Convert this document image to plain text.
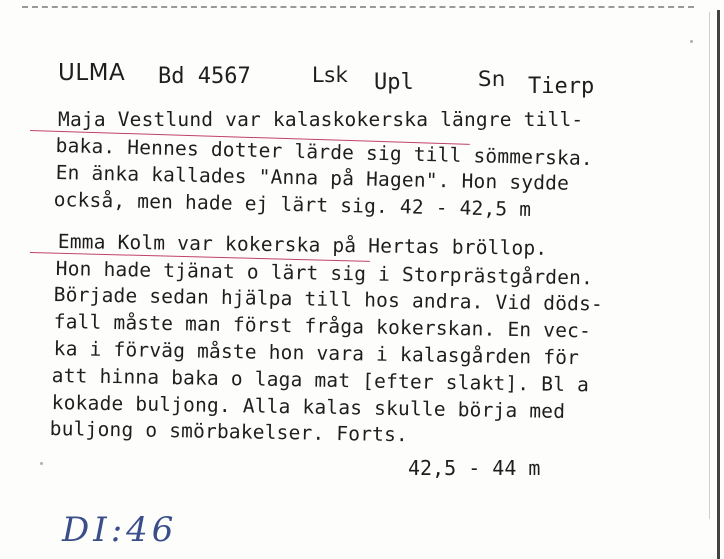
ULMA Bd 4567	Lsk Upl	Sn Tierp
Maja Vestlund var kalaskokerska längre till-
baka. Hennes dotter lärde sig till sömmerska.
En änka kallades "Anna på Hagen". Hon sydde
också, men hade ej lärt sig. 42 - 42,5 m
Emma Kolm var kokerska på Hertas bröllop.
Hon hade tjänat o lärt sig i Storprästgården.
Började sedan hjälpa till hos andra. Vid döds-
fall måste man först fråga kokerskan. En vec-
ka i förväg måste hon vara i kalasgården för
att hinna baka o laga mat [efter slakt]. Bl a
kokade buljong. Alla kalas skulle börja med
buljong o smörbakelser. Forts.
42,5 - 44 m
DI:46
